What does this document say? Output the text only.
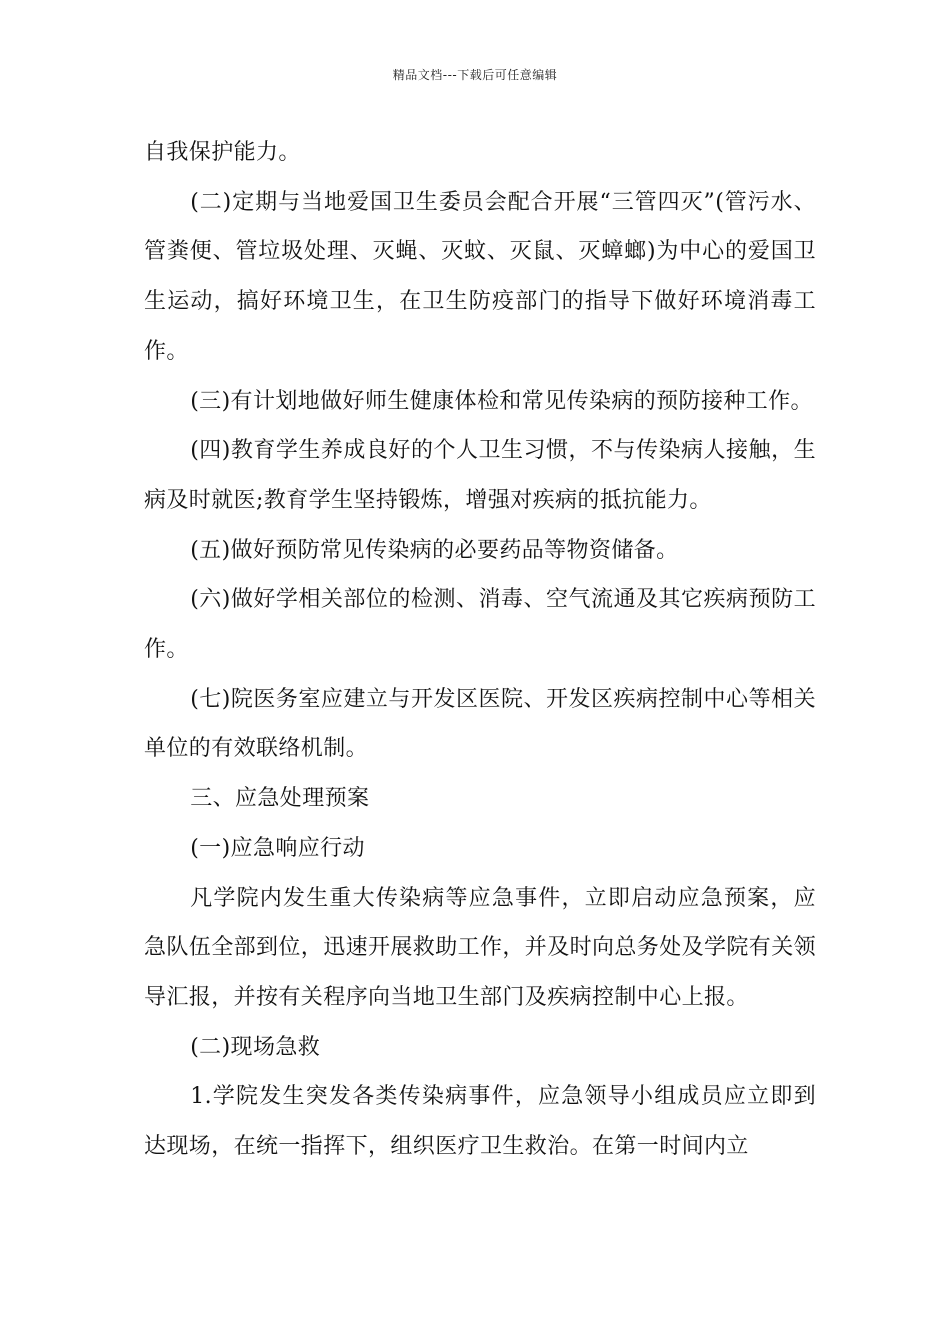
精品文档---下载后可任意编辑

自我保护能力。

(二)定期与当地爱国卫生委员会配合开展“三管四灭”(管污水、管粪便、管垃圾处理、灭蝇、灭蚊、灭鼠、灭蟑螂)为中心的爱国卫生运动，搞好环境卫生，在卫生防疫部门的指导下做好环境消毒工作。

(三)有计划地做好师生健康体检和常见传染病的预防接种工作。

(四)教育学生养成良好的个人卫生习惯，不与传染病人接触，生病及时就医;教育学生坚持锻炼，增强对疾病的抵抗能力。

(五)做好预防常见传染病的必要药品等物资储备。

(六)做好学相关部位的检测、消毒、空气流通及其它疾病预防工作。

(七)院医务室应建立与开发区医院、开发区疾病控制中心等相关单位的有效联络机制。

三、应急处理预案

(一)应急响应行动

凡学院内发生重大传染病等应急事件，立即启动应急预案，应急队伍全部到位，迅速开展救助工作，并及时向总务处及学院有关领导汇报，并按有关程序向当地卫生部门及疾病控制中心上报。

(二)现场急救

1.学院发生突发各类传染病事件，应急领导小组成员应立即到达现场，在统一指挥下，组织医疗卫生救治。在第一时间内立
